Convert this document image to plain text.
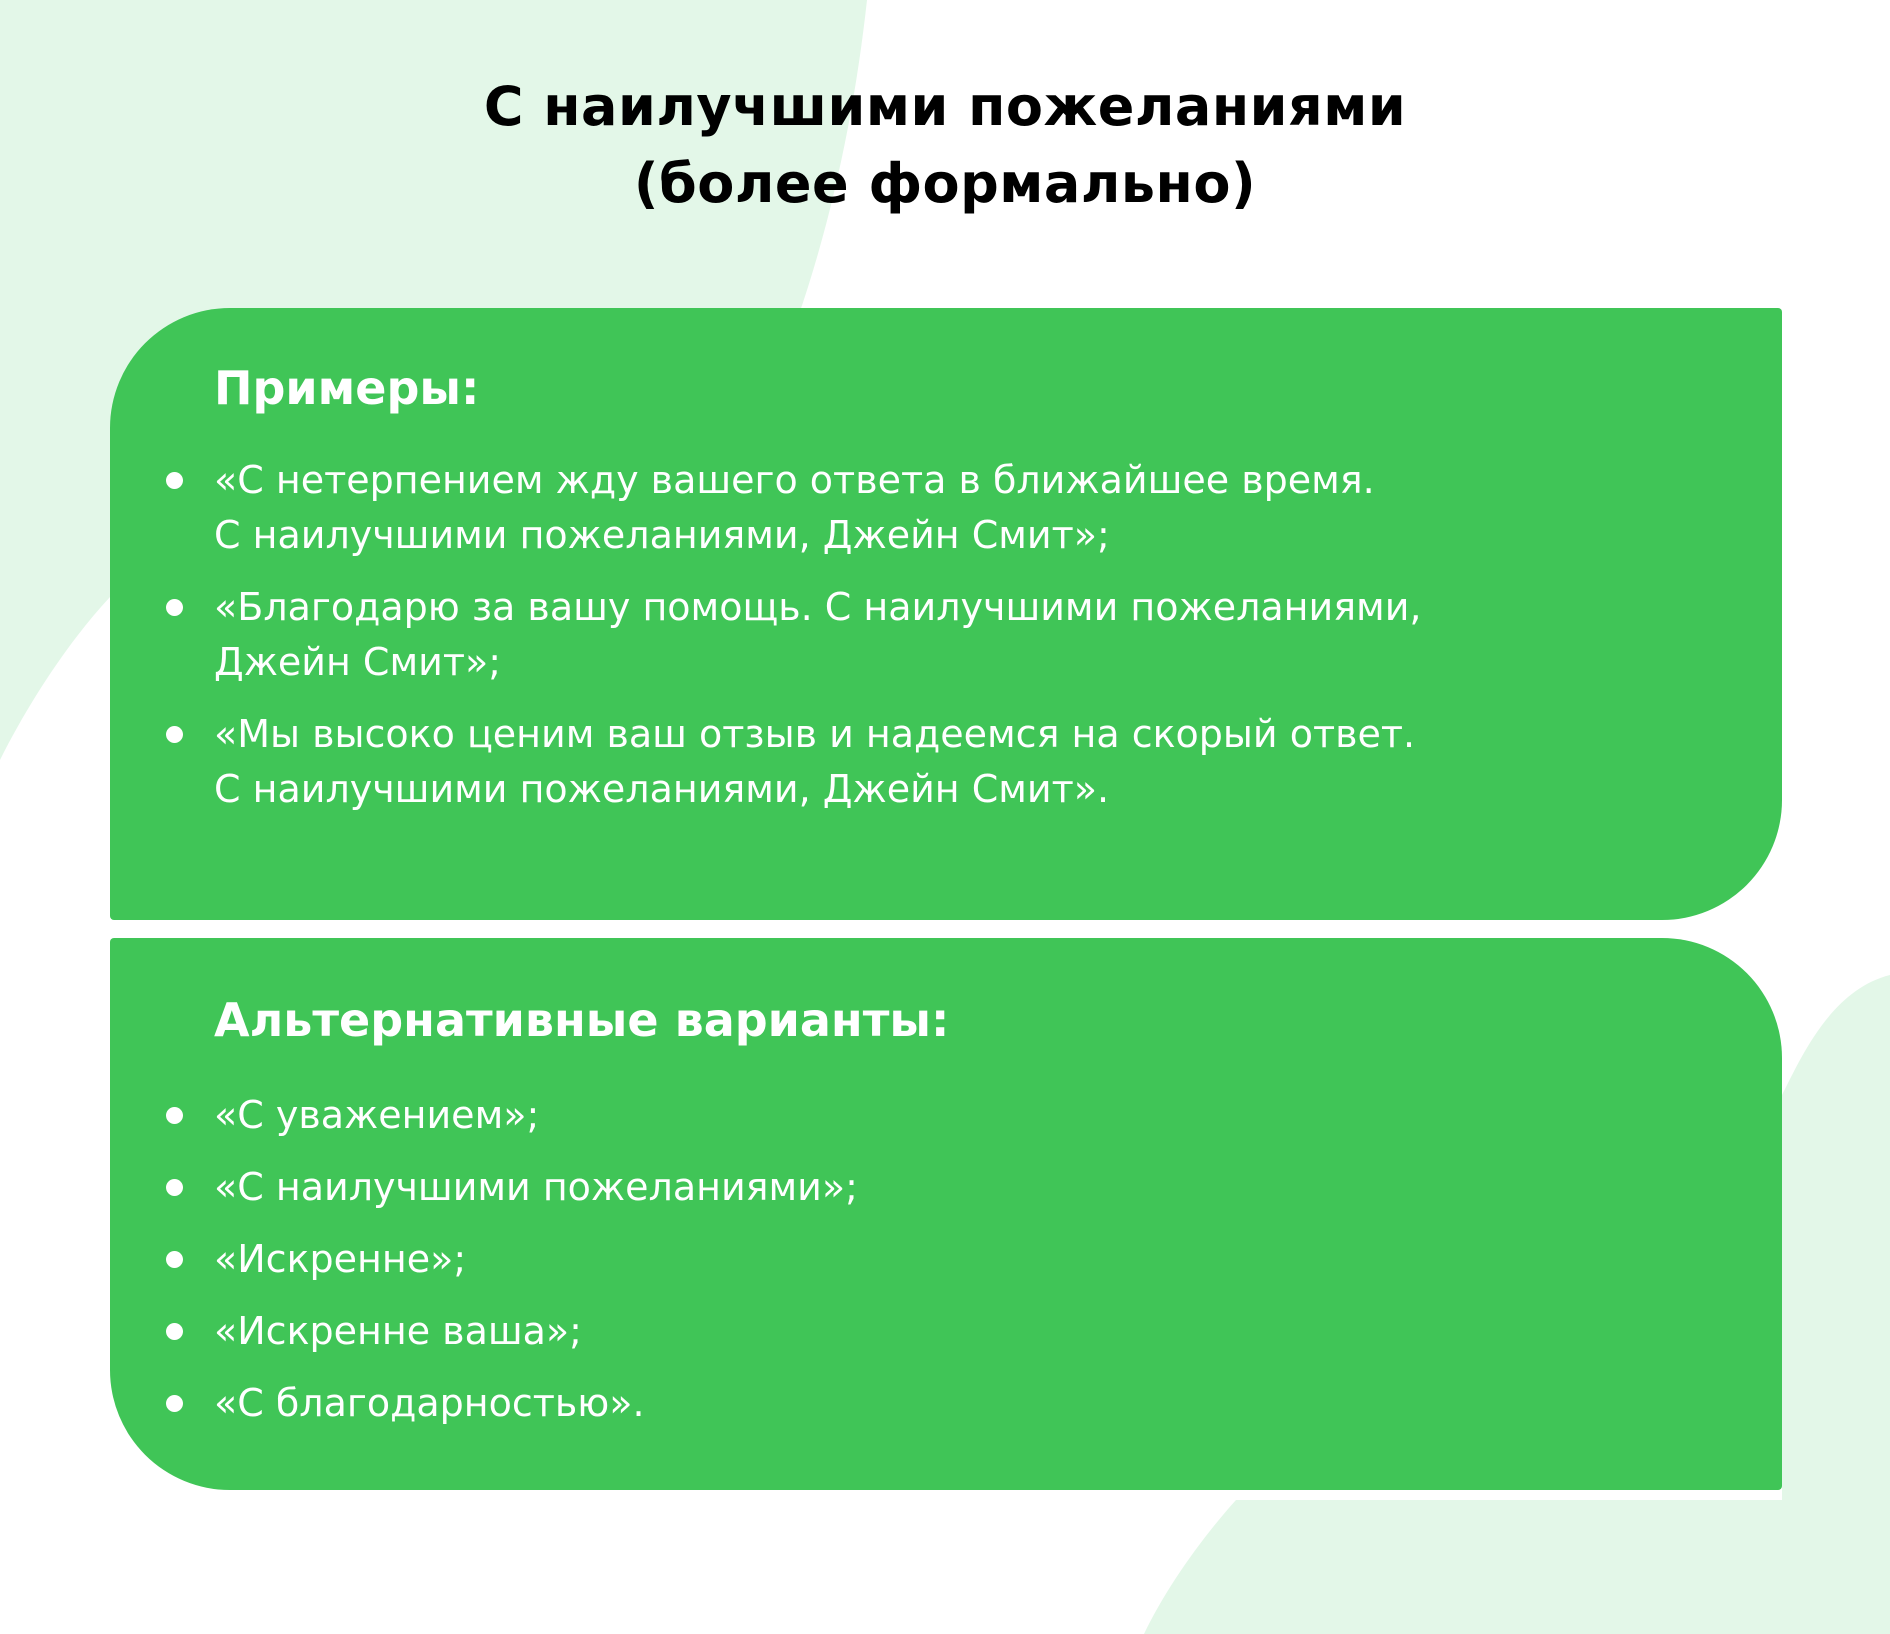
С наилучшими пожеланиями
(более формально)
Примеры:
«С нетерпением жду вашего ответа в ближайшее время.
С наилучшими пожеланиями, Джейн Смит»;
«Благодарю за вашу помощь. С наилучшими пожеланиями,
Джейн Смит»;
«Мы высоко ценим ваш отзыв и надеемся на скорый ответ.
С наилучшими пожеланиями, Джейн Смит».
Альтернативные варианты:
«С уважением»;
«С наилучшими пожеланиями»;
«Искренне»;
«Искренне ваша»;
«С благодарностью».
